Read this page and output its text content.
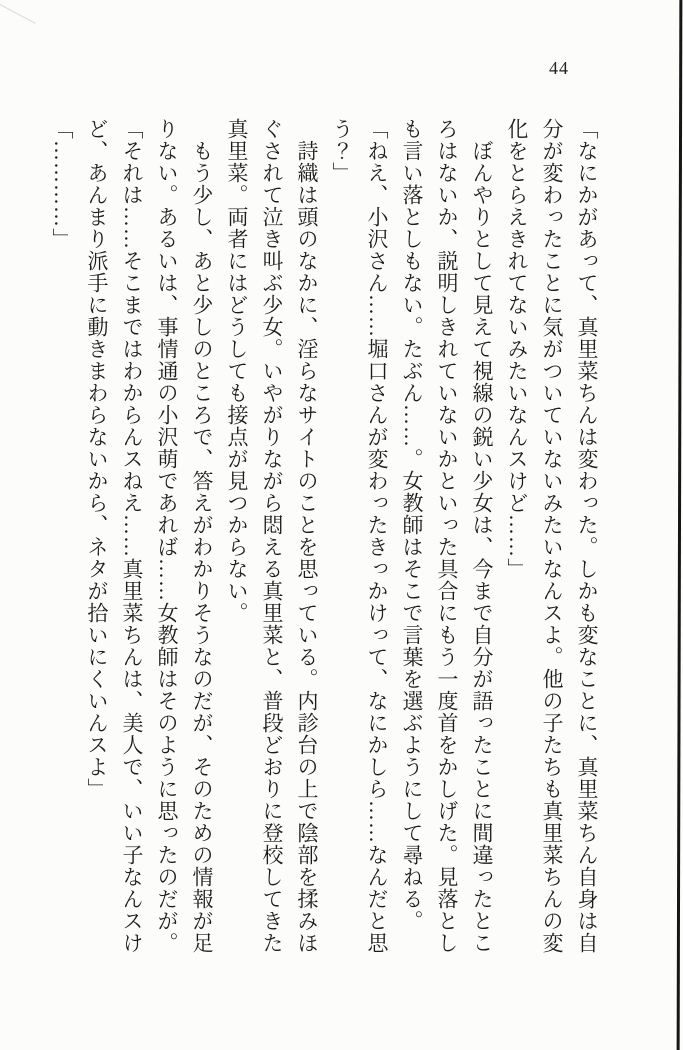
44

「なにかがあって、真里菜ちんは変わった。しかも変なことに、真里菜ちん自身は自

分が変わったことに気がついていないみたいなんスよ。他の子たちも真里菜ちんの変

化をとらえきれてないみたいなんスけど……」

　ぼんやりとして見えて視線の鋭い少女は、今まで自分が語ったことに間違ったとこ

ろはないか、説明しきれていないかといった具合にもう一度首をかしげた。見落とし

も言い落としもない。たぶん……。女教師はそこで言葉を選ぶようにして尋ねる。

「ねえ、小沢さん……堀口さんが変わったきっかけって、なにかしら……なんだと思

う？」

　詩織は頭のなかに、淫らなサイトのことを思っている。内診台の上で陰部を揉みほ

ぐされて泣き叫ぶ少女。いやがりながら悶える真里菜と、普段どおりに登校してきた

真里菜。両者にはどうしても接点が見つからない。

　もう少し、あと少しのところで、答えがわかりそうなのだが、そのための情報が足

りない。あるいは、事情通の小沢萌であれば……女教師はそのように思ったのだが。

「それは……そこまではわからんスねえ……真里菜ちんは、美人で、いい子なんスけ

ど、あんまり派手に動きまわらないから、ネタが拾いにくいんスよ」

「…………」
